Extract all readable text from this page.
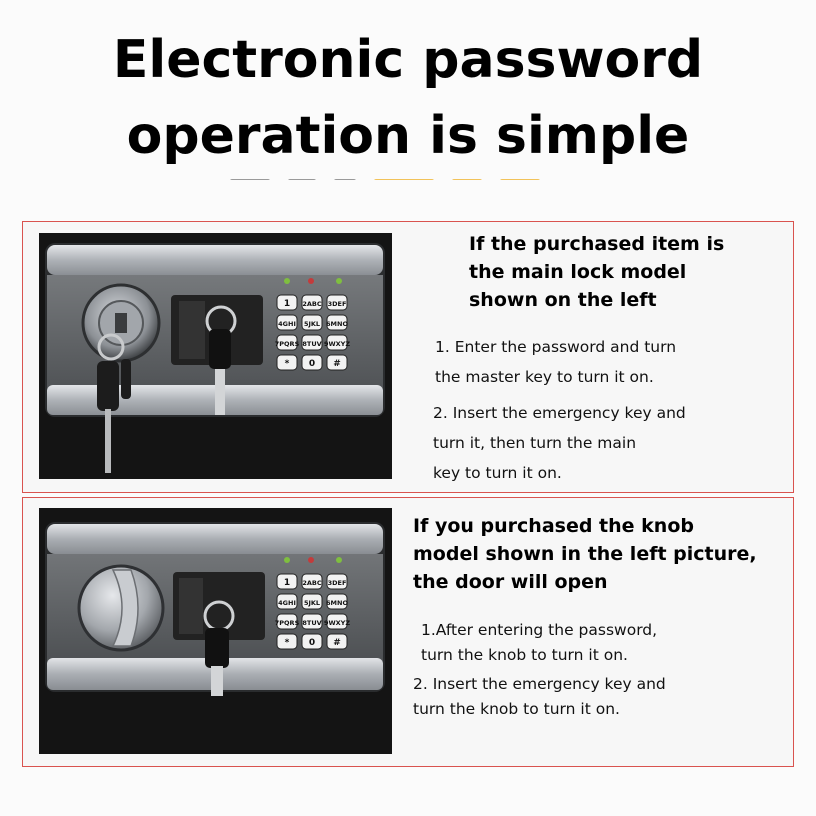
Electronic password
operation is simple
1 2ABC 3DEF
4GHI 5JKL 6MNO
7PQRS 8TUV 9WXYZ
* 0 #

If the purchased item is
the main lock model
shown on the left

1. Enter the password and turn
the master key to turn it on.

2. Insert the emergency key and
turn it, then turn the main
key to turn it on.

1 2ABC 3DEF
4GHI 5JKL 6MNO
7PQRS 8TUV 9WXYZ
* 0 #

If you purchased the knob
model shown in the left picture,
the door will open

1.After entering the password,
turn the knob to turn it on.

2. Insert the emergency key and
turn the knob to turn it on.
